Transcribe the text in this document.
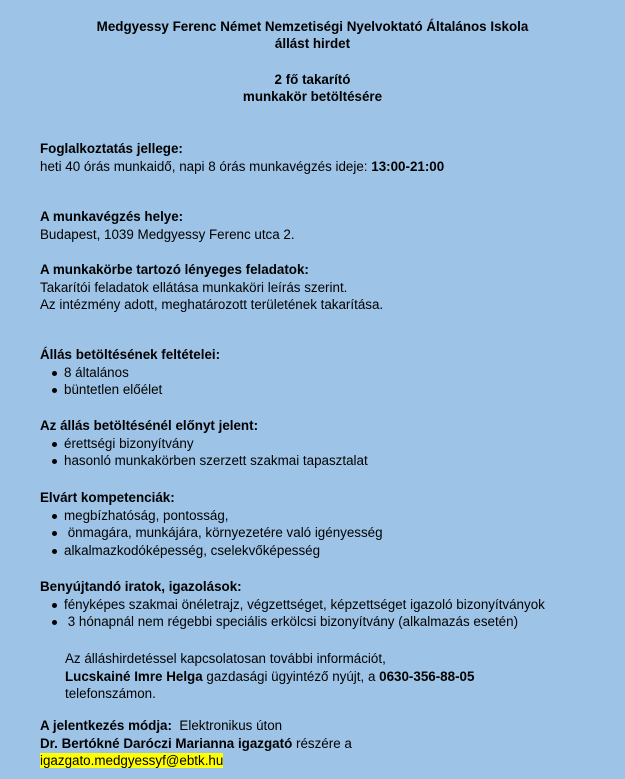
Medgyessy Ferenc Német Nemzetiségi Nyelvoktató Általános Iskola
állást hirdet
2 fő takarító
munkakör betöltésére
Foglalkoztatás jellege:
heti 40 órás munkaidő, napi 8 órás munkavégzés ideje: 13:00-21:00
A munkavégzés helye:
Budapest, 1039 Medgyessy Ferenc utca 2.
A munkakörbe tartozó lényeges feladatok:
Takarítói feladatok ellátása munkaköri leírás szerint.
Az intézmény adott, meghatározott területének takarítása.
Állás betöltésének feltételei:
8 általános
büntetlen előélet
Az állás betöltésénél előnyt jelent:
érettségi bizonyítvány
hasonló munkakörben szerzett szakmai tapasztalat
Elvárt kompetenciák:
megbízhatóság, pontosság,
önmagára, munkájára, környezetére való igényesség
alkalmazkodóképesség, cselekvőképesség
Benyújtandó iratok, igazolások:
fényképes szakmai önéletrajz, végzettséget, képzettséget igazoló bizonyítványok
3 hónapnál nem régebbi speciális erkölcsi bizonyítvány (alkalmazás esetén)
Az álláshirdetéssel kapcsolatosan további információt,
Lucskainé Imre Helga gazdasági ügyintéző nyújt, a 0630-356-88-05
telefonszámon.
A jelentkezés módja:  Elektronikus úton
Dr. Bertókné Daróczi Marianna igazgató részére a
igazgato.medgyessyf@ebtk.hu
